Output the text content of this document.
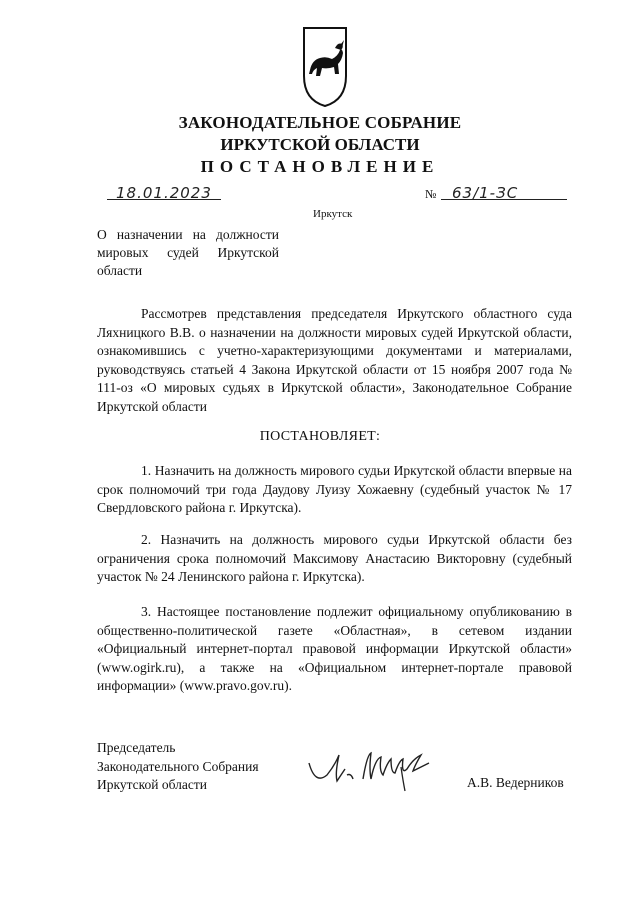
ЗАКОНОДАТЕЛЬНОЕ СОБРАНИЕ
ИРКУТСКОЙ ОБЛАСТИ
ПОСТАНОВЛЕНИЕ
18.01.2023	№ 63/1-ЗС
Иркутск
О назначении на должности мировых судей Иркутской области
Рассмотрев представления председателя Иркутского областного суда Ляхницкого В.В. о назначении на должности мировых судей Иркутской области, ознакомившись с учетно-характеризующими документами и материалами, руководствуясь статьей 4 Закона Иркутской области от 15 ноября 2007 года № 111-оз «О мировых судьях в Иркутской области», Законодательное Собрание Иркутской области
ПОСТАНОВЛЯЕТ:
1. Назначить на должность мирового судьи Иркутской области впервые на срок полномочий три года Даудову Луизу Хожаевну (судебный участок № 17 Свердловского района г. Иркутска).
2. Назначить на должность мирового судьи Иркутской области без ограничения срока полномочий Максимову Анастасию Викторовну (судебный участок № 24 Ленинского района г. Иркутска).
3. Настоящее постановление подлежит официальному опубликованию в общественно-политической газете «Областная», в сетевом издании «Официальный интернет-портал правовой информации Иркутской области» (www.ogirk.ru), а также на «Официальном интернет-портале правовой информации» (www.pravo.gov.ru).
Председатель
Законодательного Собрания
Иркутской области	А.В. Ведерников
